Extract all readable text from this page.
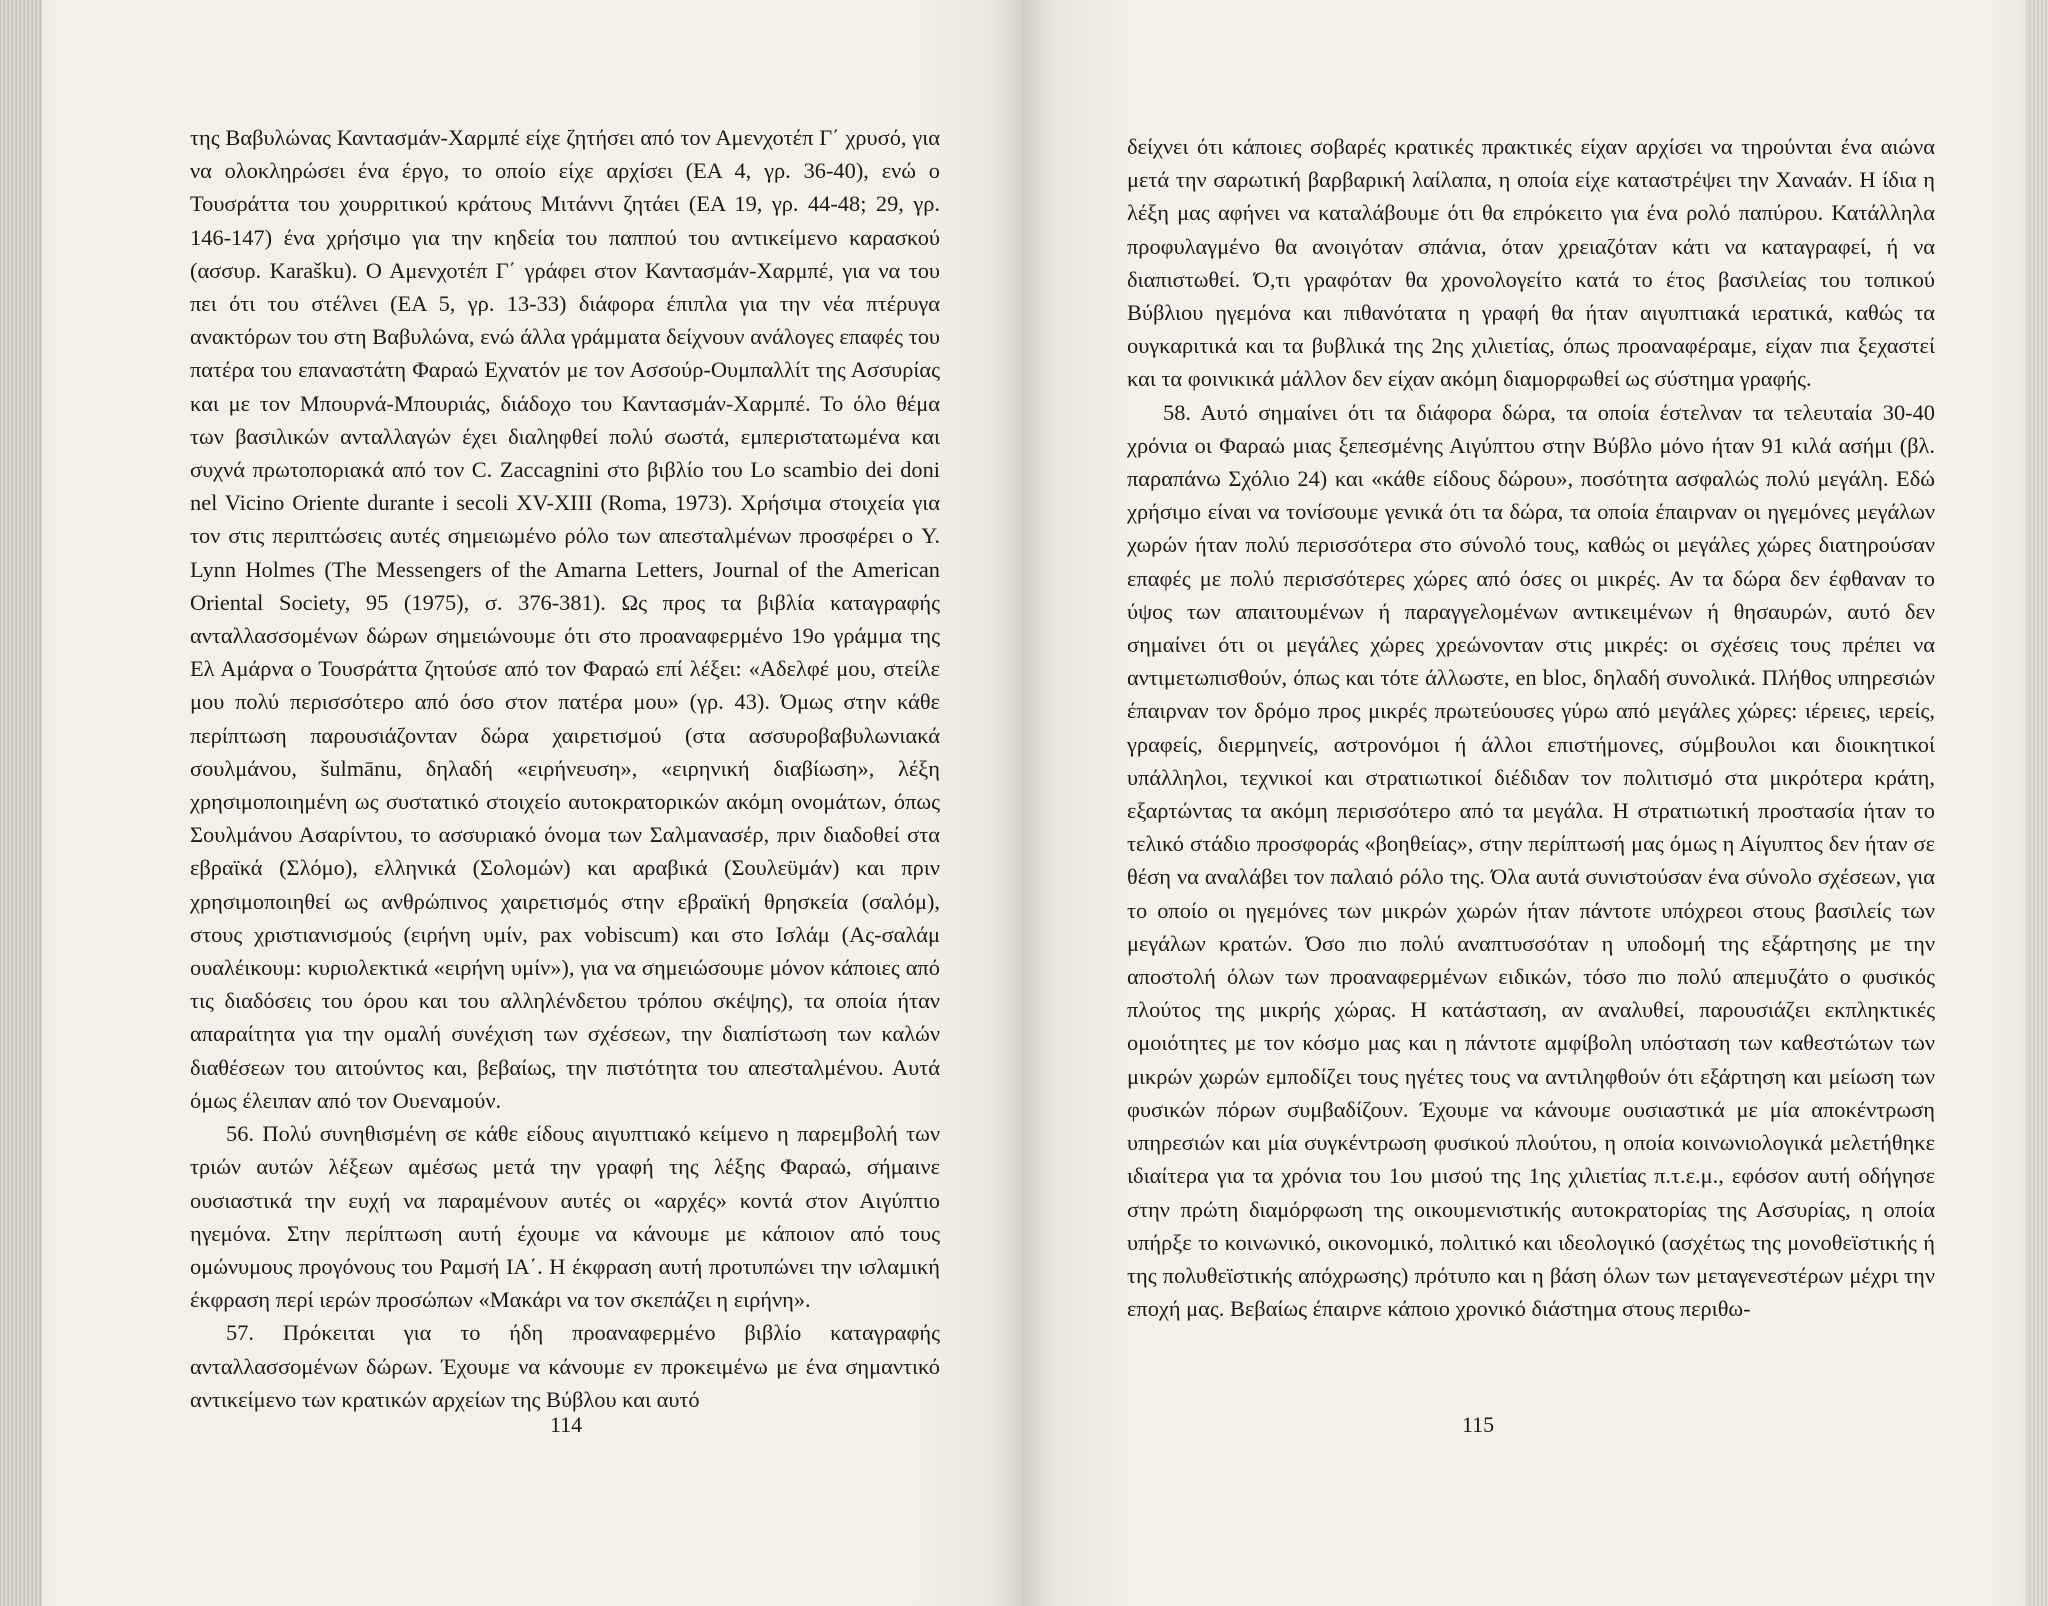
της Βαβυλώνας Καντασμάν-Χαρμπέ είχε ζητήσει από τον Αμενχοτέπ Γ΄ χρυσό, για να ολοκληρώσει ένα έργο, το οποίο είχε αρχίσει (ΕΑ 4, γρ. 36-40), ενώ ο Τουσράττα του χουρριτικού κράτους Μιτάννι ζητάει (ΕΑ 19, γρ. 44-48; 29, γρ. 146-147) ένα χρήσιμο για την κηδεία του παππού του αντικείμενο καρασκού (ασσυρ. Karašku). Ο Αμενχοτέπ Γ΄ γράφει στον Καντασμάν-Χαρμπέ, για να του πει ότι του στέλνει (ΕΑ 5, γρ. 13-33) διάφορα έπιπλα για την νέα πτέρυγα ανακτόρων του στη Βαβυλώνα, ενώ άλλα γράμματα δείχνουν ανάλογες επαφές του πατέρα του επαναστάτη Φαραώ Εχνατόν με τον Ασσούρ-Ουμπαλλίτ της Ασσυρίας και με τον Μπουρνά-Μπουριάς, διάδοχο του Καντασμάν-Χαρμπέ. Το όλο θέμα των βασιλικών ανταλλαγών έχει διαληφθεί πολύ σωστά, εμπεριστατωμένα και συχνά πρωτοποριακά από τον C. Zaccagnini στο βιβλίο του Lo scambio dei doni nel Vicino Oriente durante i secoli XV-XIII (Roma, 1973). Χρήσιμα στοιχεία για τον στις περιπτώσεις αυτές σημειωμένο ρόλο των απεσταλμένων προσφέρει ο Y. Lynn Holmes (The Messengers of the Amarna Letters, Journal of the American Oriental Society, 95 (1975), σ. 376-381). Ως προς τα βιβλία καταγραφής ανταλλασσομένων δώρων σημειώνουμε ότι στο προαναφερμένο 19ο γράμμα της Ελ Αμάρνα ο Τουσράττα ζητούσε από τον Φαραώ επί λέξει: «Αδελφέ μου, στείλε μου πολύ περισσότερο από όσο στον πατέρα μου» (γρ. 43). Όμως στην κάθε περίπτωση παρουσιάζονταν δώρα χαιρετισμού (στα ασσυροβαβυλωνιακά σουλμάνου, šulmānu, δηλαδή «ειρήνευση», «ειρηνική διαβίωση», λέξη χρησιμοποιημένη ως συστατικό στοιχείο αυτοκρατορικών ακόμη ονομάτων, όπως Σουλμάνου Ασαρίντου, το ασσυριακό όνομα των Σαλμανασέρ, πριν διαδοθεί στα εβραϊκά (Σλόμο), ελληνικά (Σολομών) και αραβικά (Σουλεϋμάν) και πριν χρησιμοποιηθεί ως ανθρώπινος χαιρετισμός στην εβραϊκή θρησκεία (σαλόμ), στους χριστιανισμούς (ειρήνη υμίν, pax vobiscum) και στο Ισλάμ (Ας-σαλάμ ουαλέικουμ: κυριολεκτικά «ειρήνη υμίν»), για να σημειώσουμε μόνον κάποιες από τις διαδόσεις του όρου και του αλληλένδετου τρόπου σκέψης), τα οποία ήταν απαραίτητα για την ομαλή συνέχιση των σχέσεων, την διαπίστωση των καλών διαθέσεων του αιτούντος και, βεβαίως, την πιστότητα του απεσταλμένου. Αυτά όμως έλειπαν από τον Ουεναμούν.

56. Πολύ συνηθισμένη σε κάθε είδους αιγυπτιακό κείμενο η παρεμβολή των τριών αυτών λέξεων αμέσως μετά την γραφή της λέξης Φαραώ, σήμαινε ουσιαστικά την ευχή να παραμένουν αυτές οι «αρχές» κοντά στον Αιγύπτιο ηγεμόνα. Στην περίπτωση αυτή έχουμε να κάνουμε με κάποιον από τους ομώνυμους προγόνους του Ραμσή ΙΑ΄. Η έκφραση αυτή προτυπώνει την ισλαμική έκφραση περί ιερών προσώπων «Μακάρι να τον σκεπάζει η ειρήνη».

57. Πρόκειται για το ήδη προαναφερμένο βιβλίο καταγραφής ανταλλασσομένων δώρων. Έχουμε να κάνουμε εν προκειμένω με ένα σημαντικό αντικείμενο των κρατικών αρχείων της Βύβλου και αυτό

114

δείχνει ότι κάποιες σοβαρές κρατικές πρακτικές είχαν αρχίσει να τηρούνται ένα αιώνα μετά την σαρωτική βαρβαρική λαίλαπα, η οποία είχε καταστρέψει την Χαναάν. Η ίδια η λέξη μας αφήνει να καταλάβουμε ότι θα επρόκειτο για ένα ρολό παπύρου. Κατάλληλα προφυλαγμένο θα ανοιγόταν σπάνια, όταν χρειαζόταν κάτι να καταγραφεί, ή να διαπιστωθεί. Ό,τι γραφόταν θα χρονολογείτο κατά το έτος βασιλείας του τοπικού Βύβλιου ηγεμόνα και πιθανότατα η γραφή θα ήταν αιγυπτιακά ιερατικά, καθώς τα ουγκαριτικά και τα βυβλικά της 2ης χιλιετίας, όπως προαναφέραμε, είχαν πια ξεχαστεί και τα φοινικικά μάλλον δεν είχαν ακόμη διαμορφωθεί ως σύστημα γραφής.

58. Αυτό σημαίνει ότι τα διάφορα δώρα, τα οποία έστελναν τα τελευταία 30-40 χρόνια οι Φαραώ μιας ξεπεσμένης Αιγύπτου στην Βύβλο μόνο ήταν 91 κιλά ασήμι (βλ. παραπάνω Σχόλιο 24) και «κάθε είδους δώρου», ποσότητα ασφαλώς πολύ μεγάλη. Εδώ χρήσιμο είναι να τονίσουμε γενικά ότι τα δώρα, τα οποία έπαιρναν οι ηγεμόνες μεγάλων χωρών ήταν πολύ περισσότερα στο σύνολό τους, καθώς οι μεγάλες χώρες διατηρούσαν επαφές με πολύ περισσότερες χώρες από όσες οι μικρές. Αν τα δώρα δεν έφθαναν το ύψος των απαιτουμένων ή παραγγελομένων αντικειμένων ή θησαυρών, αυτό δεν σημαίνει ότι οι μεγάλες χώρες χρεώνονταν στις μικρές: οι σχέσεις τους πρέπει να αντιμετωπισθούν, όπως και τότε άλλωστε, en bloc, δηλαδή συνολικά. Πλήθος υπηρεσιών έπαιρναν τον δρόμο προς μικρές πρωτεύουσες γύρω από μεγάλες χώρες: ιέρειες, ιερείς, γραφείς, διερμηνείς, αστρονόμοι ή άλλοι επιστήμονες, σύμβουλοι και διοικητικοί υπάλληλοι, τεχνικοί και στρατιωτικοί διέδιδαν τον πολιτισμό στα μικρότερα κράτη, εξαρτώντας τα ακόμη περισσότερο από τα μεγάλα. Η στρατιωτική προστασία ήταν το τελικό στάδιο προσφοράς «βοηθείας», στην περίπτωσή μας όμως η Αίγυπτος δεν ήταν σε θέση να αναλάβει τον παλαιό ρόλο της. Όλα αυτά συνιστούσαν ένα σύνολο σχέσεων, για το οποίο οι ηγεμόνες των μικρών χωρών ήταν πάντοτε υπόχρεοι στους βασιλείς των μεγάλων κρατών. Όσο πιο πολύ αναπτυσσόταν η υποδομή της εξάρτησης με την αποστολή όλων των προαναφερμένων ειδικών, τόσο πιο πολύ απεμυζάτο ο φυσικός πλούτος της μικρής χώρας. Η κατάσταση, αν αναλυθεί, παρουσιάζει εκπληκτικές ομοιότητες με τον κόσμο μας και η πάντοτε αμφίβολη υπόσταση των καθεστώτων των μικρών χωρών εμποδίζει τους ηγέτες τους να αντιληφθούν ότι εξάρτηση και μείωση των φυσικών πόρων συμβαδίζουν. Έχουμε να κάνουμε ουσιαστικά με μία αποκέντρωση υπηρεσιών και μία συγκέντρωση φυσικού πλούτου, η οποία κοινωνιολογικά μελετήθηκε ιδιαίτερα για τα χρόνια του 1ου μισού της 1ης χιλιετίας π.τ.ε.μ., εφόσον αυτή οδήγησε στην πρώτη διαμόρφωση της οικουμενιστικής αυτοκρατορίας της Ασσυρίας, η οποία υπήρξε το κοινωνικό, οικονομικό, πολιτικό και ιδεολογικό (ασχέτως της μονοθεϊστικής ή της πολυθεϊστικής απόχρωσης) πρότυπο και η βάση όλων των μεταγενεστέρων μέχρι την εποχή μας. Βεβαίως έπαιρνε κάποιο χρονικό διάστημα στους περιθω-

115
